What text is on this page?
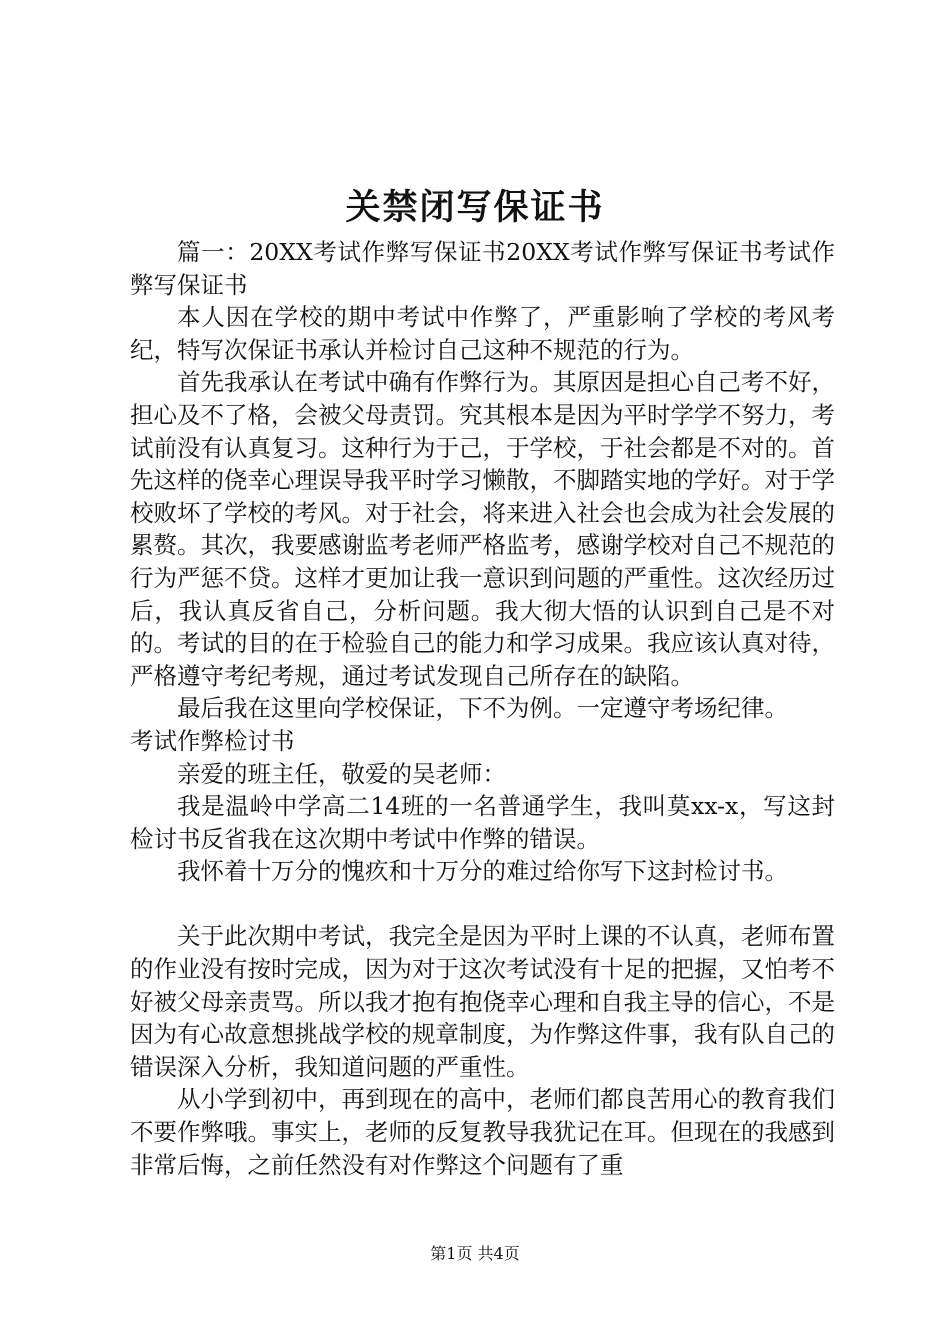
关禁闭写保证书

篇一：20XX考试作弊写保证书20XX考试作弊写保证书考试作弊写保证书

本人因在学校的期中考试中作弊了，严重影响了学校的考风考纪，特写次保证书承认并检讨自己这种不规范的行为。

首先我承认在考试中确有作弊行为。其原因是担心自己考不好，担心及不了格，会被父母责罚。究其根本是因为平时学学不努力，考试前没有认真复习。这种行为于己，于学校，于社会都是不对的。首先这样的侥幸心理误导我平时学习懒散，不脚踏实地的学好。对于学校败坏了学校的考风。对于社会，将来进入社会也会成为社会发展的累赘。其次，我要感谢监考老师严格监考，感谢学校对自己不规范的行为严惩不贷。这样才更加让我一意识到问题的严重性。这次经历过后，我认真反省自己，分析问题。我大彻大悟的认识到自己是不对的。考试的目的在于检验自己的能力和学习成果。我应该认真对待，严格遵守考纪考规，通过考试发现自己所存在的缺陷。

最后我在这里向学校保证，下不为例。一定遵守考场纪律。

考试作弊检讨书

亲爱的班主任，敬爱的吴老师：

我是温岭中学高二14班的一名普通学生，我叫莫xx-x，写这封检讨书反省我在这次期中考试中作弊的错误。

我怀着十万分的愧疚和十万分的难过给你写下这封检讨书。

关于此次期中考试，我完全是因为平时上课的不认真，老师布置的作业没有按时完成，因为对于这次考试没有十足的把握，又怕考不好被父母亲责骂。所以我才抱有抱侥幸心理和自我主导的信心，不是因为有心故意想挑战学校的规章制度，为作弊这件事，我有队自己的错误深入分析，我知道问题的严重性。

从小学到初中，再到现在的高中，老师们都良苦用心的教育我们不要作弊哦。事实上，老师的反复教导我犹记在耳。但现在的我感到非常后悔，之前任然没有对作弊这个问题有了重

第1页 共4页
